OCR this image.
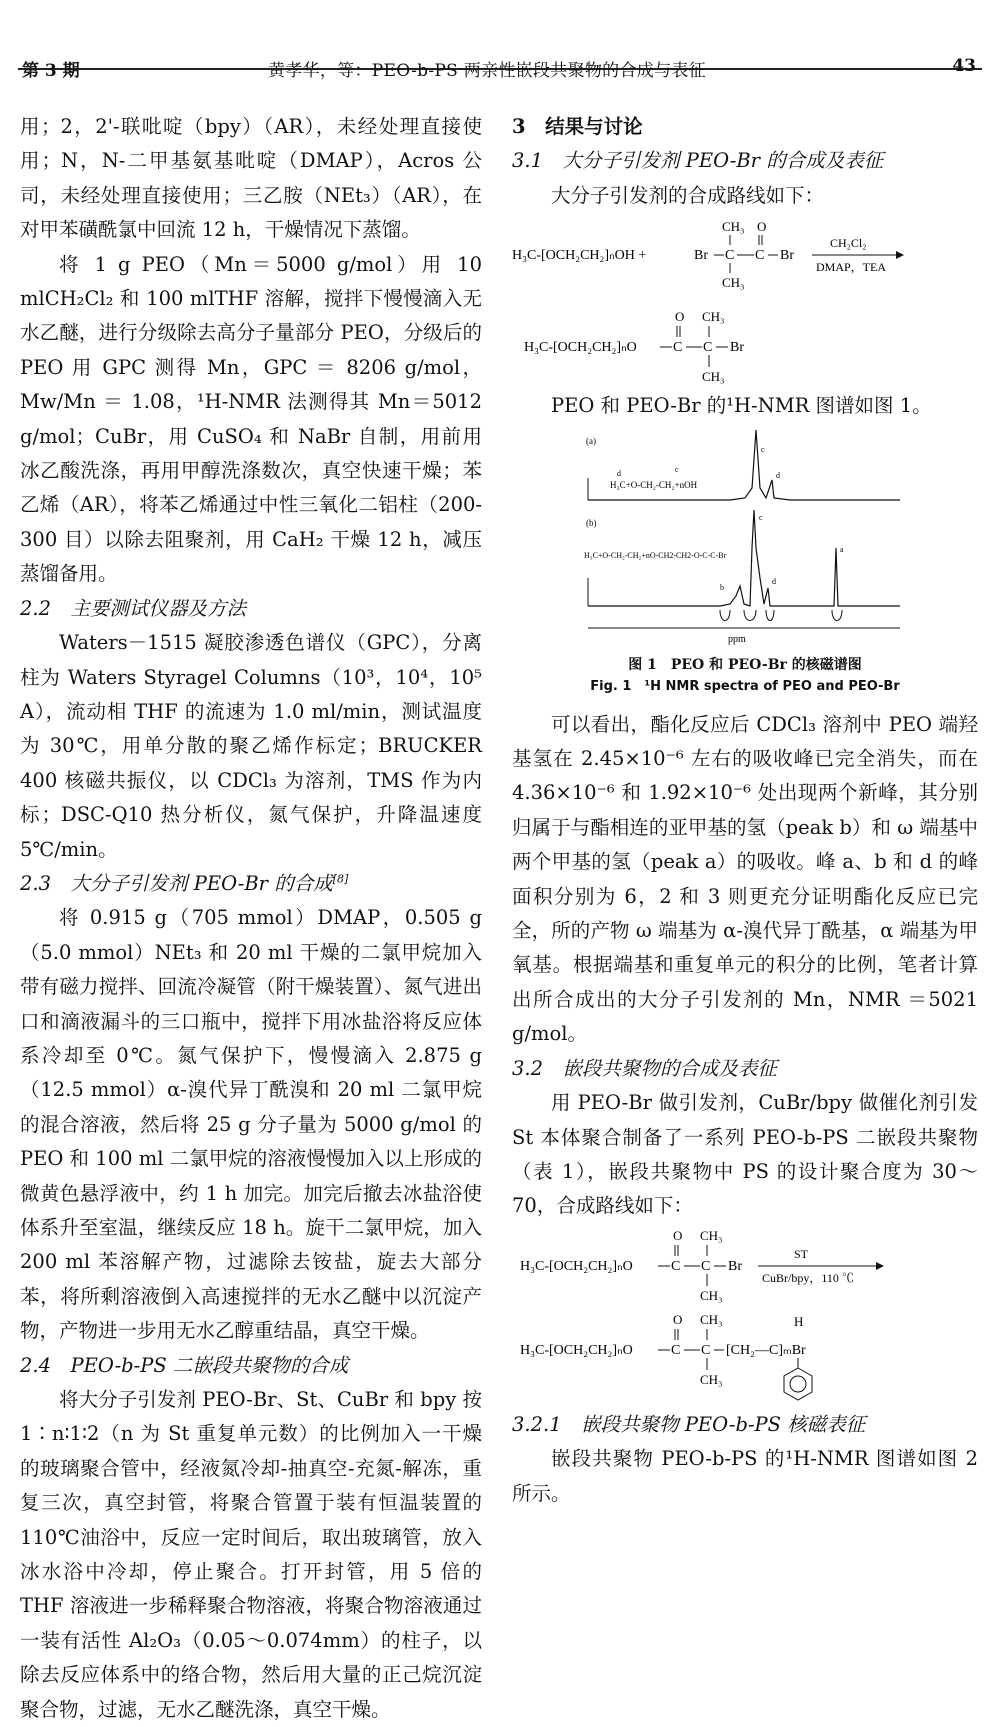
第 3 期	黄孝华，等：PEO-b-PS 两亲性嵌段共聚物的合成与表征	43

用；2，2'-联吡啶（bpy）（AR），未经处理直接使用；N，N-二甲基氨基吡啶（DMAP），Acros 公司，未经处理直接使用；三乙胺（NEt₃）（AR），在对甲苯磺酰氯中回流 12 h，干燥情况下蒸馏。

将 1 g PEO（Mn＝5000 g/mol）用 10 mlCH₂Cl₂ 和 100 mlTHF 溶解，搅拌下慢慢滴入无水乙醚，进行分级除去高分子量部分 PEO，分级后的 PEO 用 GPC 测得 Mn，GPC ＝ 8206 g/mol，Mw/Mn ＝ 1.08，¹H-NMR 法测得其 Mn＝5012 g/mol；CuBr，用 CuSO₄ 和 NaBr 自制，用前用冰乙酸洗涤，再用甲醇洗涤数次，真空快速干燥；苯乙烯（AR），将苯乙烯通过中性三氧化二铝柱（200-300 目）以除去阻聚剂，用 CaH₂ 干燥 12 h，减压蒸馏备用。

2.2　主要测试仪器及方法

Waters－1515 凝胶渗透色谱仪（GPC），分离柱为 Waters Styragel Columns（10³，10⁴，10⁵ A），流动相 THF 的流速为 1.0 ml/min，测试温度为 30℃，用单分散的聚乙烯作标定；BRUCKER 400 核磁共振仪，以 CDCl₃ 为溶剂，TMS 作为内标；DSC-Q10 热分析仪，氮气保护，升降温速度 5℃/min。

2.3　大分子引发剂 PEO-Br 的合成[8]

将 0.915 g（705 mmol）DMAP，0.505 g（5.0 mmol）NEt₃ 和 20 ml 干燥的二氯甲烷加入带有磁力搅拌、回流冷凝管（附干燥装置）、氮气进出口和滴液漏斗的三口瓶中，搅拌下用冰盐浴将反应体系冷却至 0℃。氮气保护下，慢慢滴入 2.875 g（12.5 mmol）α-溴代异丁酰溴和 20 ml 二氯甲烷的混合溶液，然后将 25 g 分子量为 5000 g/mol 的 PEO 和 100 ml 二氯甲烷的溶液慢慢加入以上形成的微黄色悬浮液中，约 1 h 加完。加完后撤去冰盐浴使体系升至室温，继续反应 18 h。旋干二氯甲烷，加入 200 ml 苯溶解产物，过滤除去铵盐，旋去大部分苯，将所剩溶液倒入高速搅拌的无水乙醚中以沉淀产物，产物进一步用无水乙醇重结晶，真空干燥。

2.4　PEO-b-PS 二嵌段共聚物的合成

将大分子引发剂 PEO-Br、St、CuBr 和 bpy 按 1∶n∶1∶2（n 为 St 重复单元数）的比例加入一干燥的玻璃聚合管中，经液氮冷却-抽真空-充氮-解冻，重复三次，真空封管，将聚合管置于装有恒温装置的 110℃油浴中，反应一定时间后，取出玻璃管，放入冰水浴中冷却，停止聚合。打开封管，用 5 倍的 THF 溶液进一步稀释聚合物溶液，将聚合物溶液通过一装有活性 Al₂O₃（0.05～0.074mm）的柱子，以除去反应体系中的络合物，然后用大量的正己烷沉淀聚合物，过滤，无水乙醚洗涤，真空干燥。

3　结果与讨论

3.1　大分子引发剂 PEO-Br 的合成及表征

大分子引发剂的合成路线如下：

H₃C-[OCH₂CH₂]ₙOH +	Br C C Br
CH₃ O
CH₃
CH₂Cl₂
DMAP，TEA
H₃C-[OCH₂CH₂]ₙO	C C Br
O CH₃
CH₃

PEO 和 PEO-Br 的¹H-NMR 图谱如图 1。

(a)
H₃C+O-CH₂-CH₂+nOH
d	c
c
d
(b)
H₃C+O-CH₂-CH₂+nO-CH2-CH2-O-C-C-Br
b
c
d
a
ppm
图 1　PEO 和 PEO-Br 的核磁谱图
Fig. 1　¹H NMR spectra of PEO and PEO-Br

可以看出，酯化反应后 CDCl₃ 溶剂中 PEO 端羟基氢在 2.45×10⁻⁶ 左右的吸收峰已完全消失，而在 4.36×10⁻⁶ 和 1.92×10⁻⁶ 处出现两个新峰，其分别归属于与酯相连的亚甲基的氢（peak b）和 ω 端基中两个甲基的氢（peak a）的吸收。峰 a、b 和 d 的峰面积分别为 6，2 和 3 则更充分证明酯化反应已完全，所的产物 ω 端基为 α-溴代异丁酰基，α 端基为甲氧基。根据端基和重复单元的积分的比例，笔者计算出所合成出的大分子引发剂的 Mn，NMR ＝5021 g/mol。

3.2　嵌段共聚物的合成及表征

用 PEO-Br 做引发剂，CuBr/bpy 做催化剂引发 St 本体聚合制备了一系列 PEO-b-PS 二嵌段共聚物（表 1），嵌段共聚物中 PS 的设计聚合度为 30～70，合成路线如下：

H₃C-[OCH₂CH₂]ₙO	C C Br
O CH₃
CH₃
ST
CuBr/bpy，110 ℃
H₃C-[OCH₂CH₂]ₙO	C C [CH₂—C]ₘBr
O CH₃
CH₃
H

3.2.1　嵌段共聚物 PEO-b-PS 核磁表征

嵌段共聚物 PEO-b-PS 的¹H-NMR 图谱如图 2 所示。
